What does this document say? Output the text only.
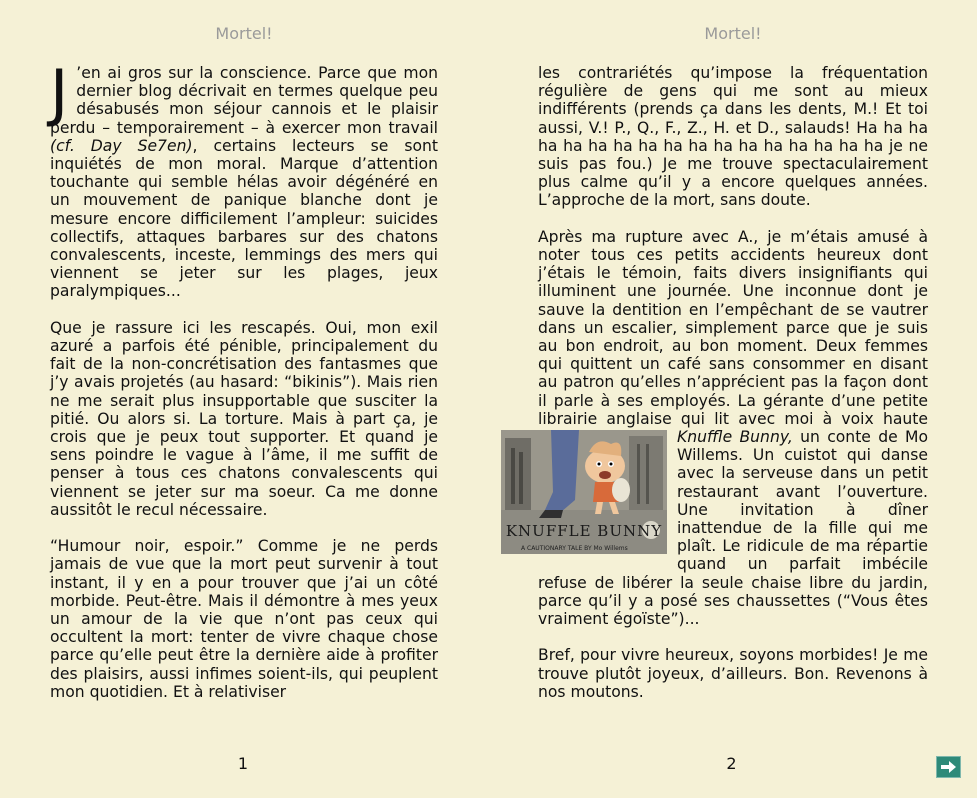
Mortel!

J ’en ai gros sur la conscience. Parce que mon dernier blog décrivait en termes quelque peu désabusés mon séjour cannois et le plaisir perdu – temporairement – à exercer mon travail (cf. Day Se7en), certains lecteurs se sont inquiétés de mon moral. Marque d’attention touchante qui semble hélas avoir dégénéré en un mouvement de panique blanche dont je mesure encore difficilement l’ampleur: suicides collectifs, attaques barbares sur des chatons convalescents, inceste, lemmings des mers qui viennent se jeter sur les plages, jeux paralympiques...

Que je rassure ici les rescapés. Oui, mon exil azuré a parfois été pénible, principalement du fait de la non-concrétisation des fantasmes que j’y avais projetés (au hasard: “bikinis”). Mais rien ne me serait plus insupportable que susciter la pitié. Ou alors si. La torture. Mais à part ça, je crois que je peux tout supporter. Et quand je sens poindre le vague à l’âme, il me suffit de penser à tous ces chatons convalescents qui viennent se jeter sur ma soeur. Ca me donne aussitôt le recul nécessaire.

“Humour noir, espoir.” Comme je ne perds jamais de vue que la mort peut survenir à tout instant, il y en a pour trouver que j’ai un côté morbide. Peut-être. Mais il démontre à mes yeux un amour de la vie que n’ont pas ceux qui occultent la mort: tenter de vivre chaque chose parce qu’elle peut être la dernière aide à profiter des plaisirs, aussi infimes soient-ils, qui peuplent mon quotidien. Et à relativiser

1
Mortel!

les contrariétés qu’impose la fréquentation régulière de gens qui me sont au mieux indifférents (prends ça dans les dents, M.! Et toi aussi, V.! P., Q., F., Z., H. et D., salauds! Ha ha ha ha ha ha ha ha ha ha ha ha ha ha ha ha ha je ne suis pas fou.) Je me trouve spectaculairement plus calme qu’il y a encore quelques années. L’approche de la mort, sans doute.

Après ma rupture avec A., je m’étais amusé à noter tous ces petits accidents heureux dont j’étais le témoin, faits divers insignifiants qui illuminent une journée. Une inconnue dont je sauve la dentition en l’empêchant de se vautrer dans un escalier, simplement parce que je suis au bon endroit, au bon moment. Deux femmes qui quittent un café sans consommer en disant au patron qu’elles n’apprécient pas la façon dont il parle à ses employés. La gérante d’une petite librairie anglaise qui lit avec moi à voix haute Knuffle Bunny,
KNUFFLE BUNNY
A CAUTIONARY TALE BY Mo Willems
un conte de Mo Willems. Un cuistot qui danse avec la serveuse dans un petit restaurant avant l’ouverture. Une invitation à dîner inattendue de la fille qui me plaît. Le ridicule de ma répartie quand un parfait imbécile refuse de libérer la seule chaise libre du jardin, parce qu’il y a posé ses chaussettes (“Vous êtes vraiment égoïste”)...

Bref, pour vivre heureux, soyons morbides! Je me trouve plutôt joyeux, d’ailleurs. Bon. Revenons à nos moutons.

2
